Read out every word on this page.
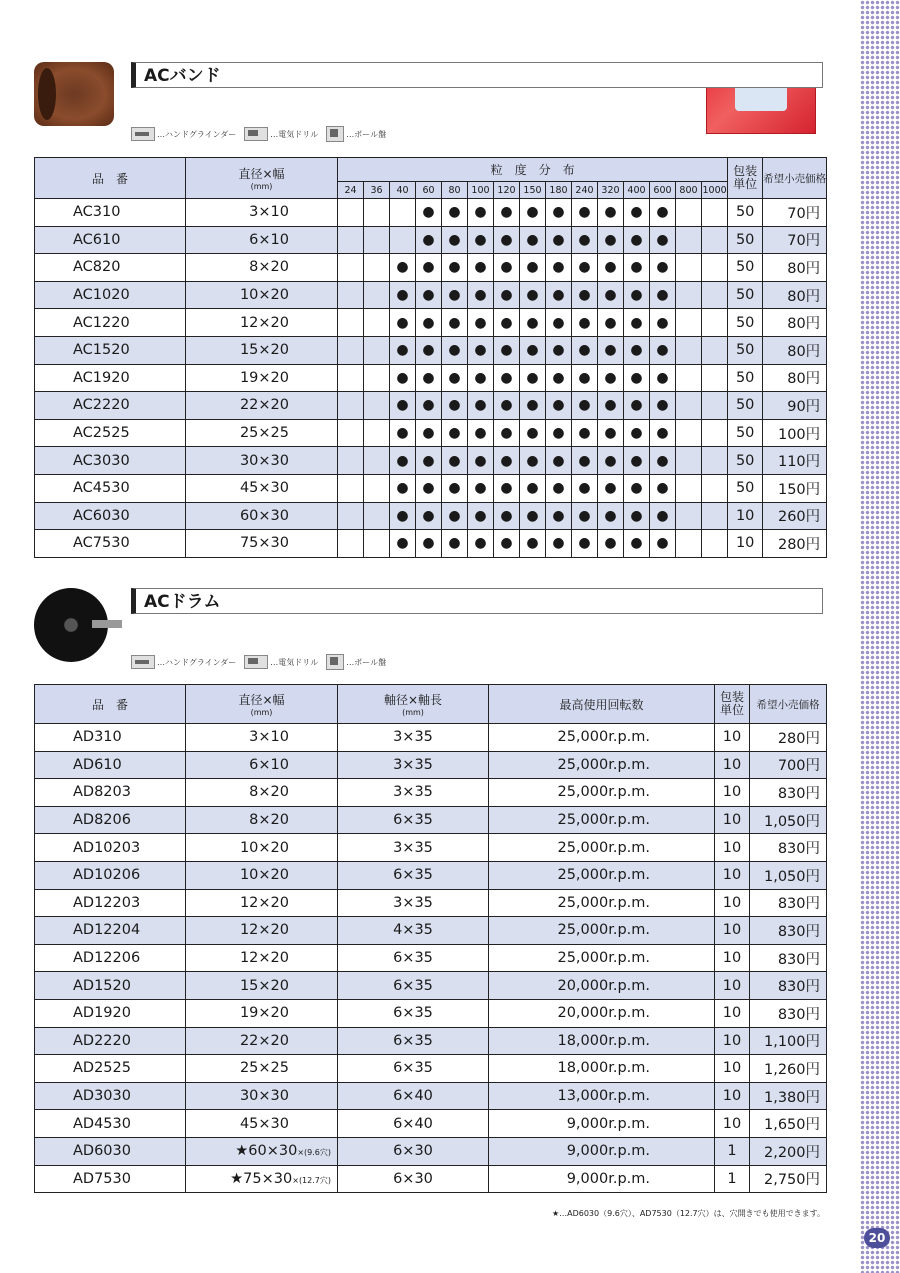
20
ACバンド
…ハンドグラインダー	…電気ドリル	…ボール盤
品　番	直径×幅
(mm)	粒　度　分　布															包装単位	希望小売価格
		24	36	40	60	80	100	120	150	180	240	320	400	600	800	1000		
AC310	3×10				●	●	●	●	●	●	●	●	●	●			50	70円
AC610	6×10				●	●	●	●	●	●	●	●	●	●			50	70円
AC820	8×20			●	●	●	●	●	●	●	●	●	●	●			50	80円
AC1020	10×20			●	●	●	●	●	●	●	●	●	●	●			50	80円
AC1220	12×20			●	●	●	●	●	●	●	●	●	●	●			50	80円
AC1520	15×20			●	●	●	●	●	●	●	●	●	●	●			50	80円
AC1920	19×20			●	●	●	●	●	●	●	●	●	●	●			50	80円
AC2220	22×20			●	●	●	●	●	●	●	●	●	●	●			50	90円
AC2525	25×25			●	●	●	●	●	●	●	●	●	●	●			50	100円
AC3030	30×30			●	●	●	●	●	●	●	●	●	●	●			50	110円
AC4530	45×30			●	●	●	●	●	●	●	●	●	●	●			50	150円
AC6030	60×30			●	●	●	●	●	●	●	●	●	●	●			10	260円
AC7530	75×30			●	●	●	●	●	●	●	●	●	●	●			10	280円
ACドラム
…ハンドグラインダー	…電気ドリル	…ボール盤
品　番	直径×幅
(mm)	軸径×軸長
(mm)	最高使用回転数	包装単位	希望小売価格
AD310	3×10	3×35	25,000r.p.m.	10	280円
AD610	6×10	3×35	25,000r.p.m.	10	700円
AD8203	8×20	3×35	25,000r.p.m.	10	830円
AD8206	8×20	6×35	25,000r.p.m.	10	1,050円
AD10203	10×20	3×35	25,000r.p.m.	10	830円
AD10206	10×20	6×35	25,000r.p.m.	10	1,050円
AD12203	12×20	3×35	25,000r.p.m.	10	830円
AD12204	12×20	4×35	25,000r.p.m.	10	830円
AD12206	12×20	6×35	25,000r.p.m.	10	830円
AD1520	15×20	6×35	20,000r.p.m.	10	830円
AD1920	19×20	6×35	20,000r.p.m.	10	830円
AD2220	22×20	6×35	18,000r.p.m.	10	1,100円
AD2525	25×25	6×35	18,000r.p.m.	10	1,260円
AD3030	30×30	6×40	13,000r.p.m.	10	1,380円
AD4530	45×30	6×40	9,000r.p.m.	10	1,650円
AD6030	★60×30×(9.6穴)	6×30	9,000r.p.m.	1	2,200円
AD7530	★75×30×(12.7穴)	6×30	9,000r.p.m.	1	2,750円
★…AD6030（9.6穴）、AD7530（12.7穴）は、穴開きでも使用できます。
